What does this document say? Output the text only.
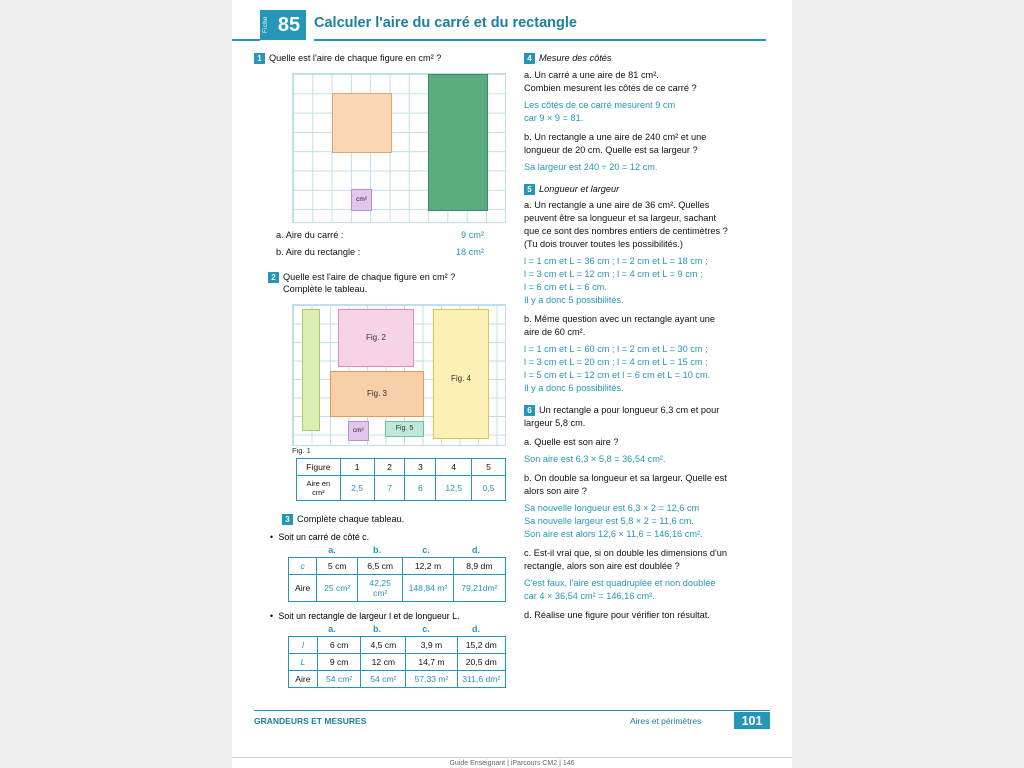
Fiche 85 Calculer l'aire du carré et du rectangle
1 Quelle est l'aire de chaque figure en cm² ?
cm²
a. Aire du carré :	9 cm²
b. Aire du rectangle :	18 cm²
2 Quelle est l'aire de chaque figure en cm² ?
Complète le tableau.
Fig. 2
Fig. 3
Fig. 4
Fig. 5
cm²
Fig. 1
Figure	1	2	3	4	5
Aire en cm²	2,5	7	6	12,5	0,5
3 Complète chaque tableau.
• Soit un carré de côté c.
a.	b.	c.	d.
c	5 cm	6,5 cm	12,2 m	8,9 dm
Aire	25 cm²	42,25 cm²	148,84 m²	79,21dm²
• Soit un rectangle de largeur l et de longueur L.
a.	b.	c.	d.
l	6 cm	4,5 cm	3,9 m	15,2 dm
L	9 cm	12 cm	14,7 m	20,5 dm
Aire	54 cm²	54 cm²	57,33 m²	311,6 dm²
4 Mesure des côtés
a. Un carré a une aire de 81 cm².
Combien mesurent les côtés de ce carré ?
Les côtés de ce carré mesurent 9 cm
car 9 × 9 = 81.
b. Un rectangle a une aire de 240 cm² et une
longueur de 20 cm. Quelle est sa largeur ?
Sa largeur est 240 ÷ 20 = 12 cm.
5 Longueur et largeur
a. Un rectangle a une aire de 36 cm². Quelles
peuvent être sa longueur et sa largeur, sachant
que ce sont des nombres entiers de centimètres ?
(Tu dois trouver toutes les possibilités.)
l = 1 cm et L = 36 cm ; l = 2 cm et L = 18 cm ;
l = 3 cm et L = 12 cm ; l = 4 cm et L = 9 cm ;
l = 6 cm et L = 6 cm.
Il y a donc 5 possibilités.
b. Même question avec un rectangle ayant une
aire de 60 cm².
l = 1 cm et L = 60 cm ; l = 2 cm et L = 30 cm ;
l = 3 cm et L = 20 cm ; l = 4 cm et L = 15 cm ;
l = 5 cm et L = 12 cm et l = 6 cm et L = 10 cm.
Il y a donc 6 possibilités.
6 Un rectangle a pour longueur 6,3 cm et pour
largeur 5,8 cm.
a. Quelle est son aire ?
Son aire est 6,3 × 5,8 = 36,54 cm².
b. On double sa longueur et sa largeur. Quelle est
alors son aire ?
Sa nouvelle longueur est 6,3 × 2 = 12,6 cm
Sa nouvelle largeur est 5,8 × 2 = 11,6 cm.
Son aire est alors 12,6 × 11,6 = 146,16 cm².
c. Est-il vrai que, si on double les dimensions d'un
rectangle, alors son aire est doublée ?
C'est faux, l'aire est quadruplée et non doublée
car 4 × 36,54 cm² = 146,16 cm².
d. Réalise une figure pour vérifier ton résultat.
GRANDEURS ET MESURES	Aires et périmètres	101
Guide Enseignant | iParcours CM2 | 146
